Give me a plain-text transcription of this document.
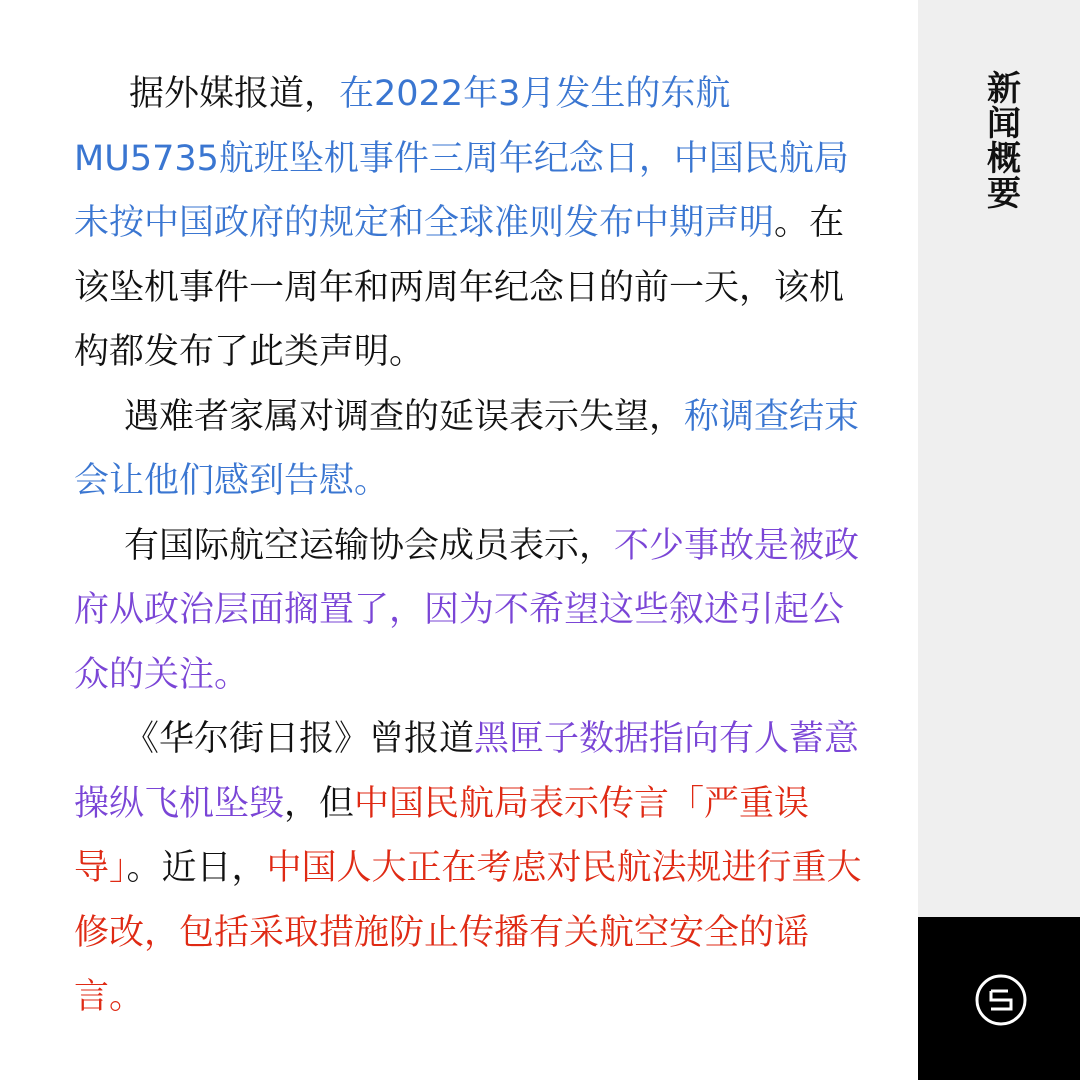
据外媒报道，在2022年3月发生的东航MU5735航班坠机事件三周年纪念日，中国民航局未按中国政府的规定和全球准则发布中期声明。在该坠机事件一周年和两周年纪念日的前一天，该机构都发布了此类声明。

遇难者家属对调查的延误表示失望，称调查结束会让他们感到告慰。

有国际航空运输协会成员表示，不少事故是被政府从政治层面搁置了，因为不希望这些叙述引起公众的关注。

《华尔街日报》曾报道黑匣子数据指向有人蓄意操纵飞机坠毁，但中国民航局表示传言「严重误导」。近日，中国人大正在考虑对民航法规进行重大修改，包括采取措施防止传播有关航空安全的谣言。

新
闻
概
要
